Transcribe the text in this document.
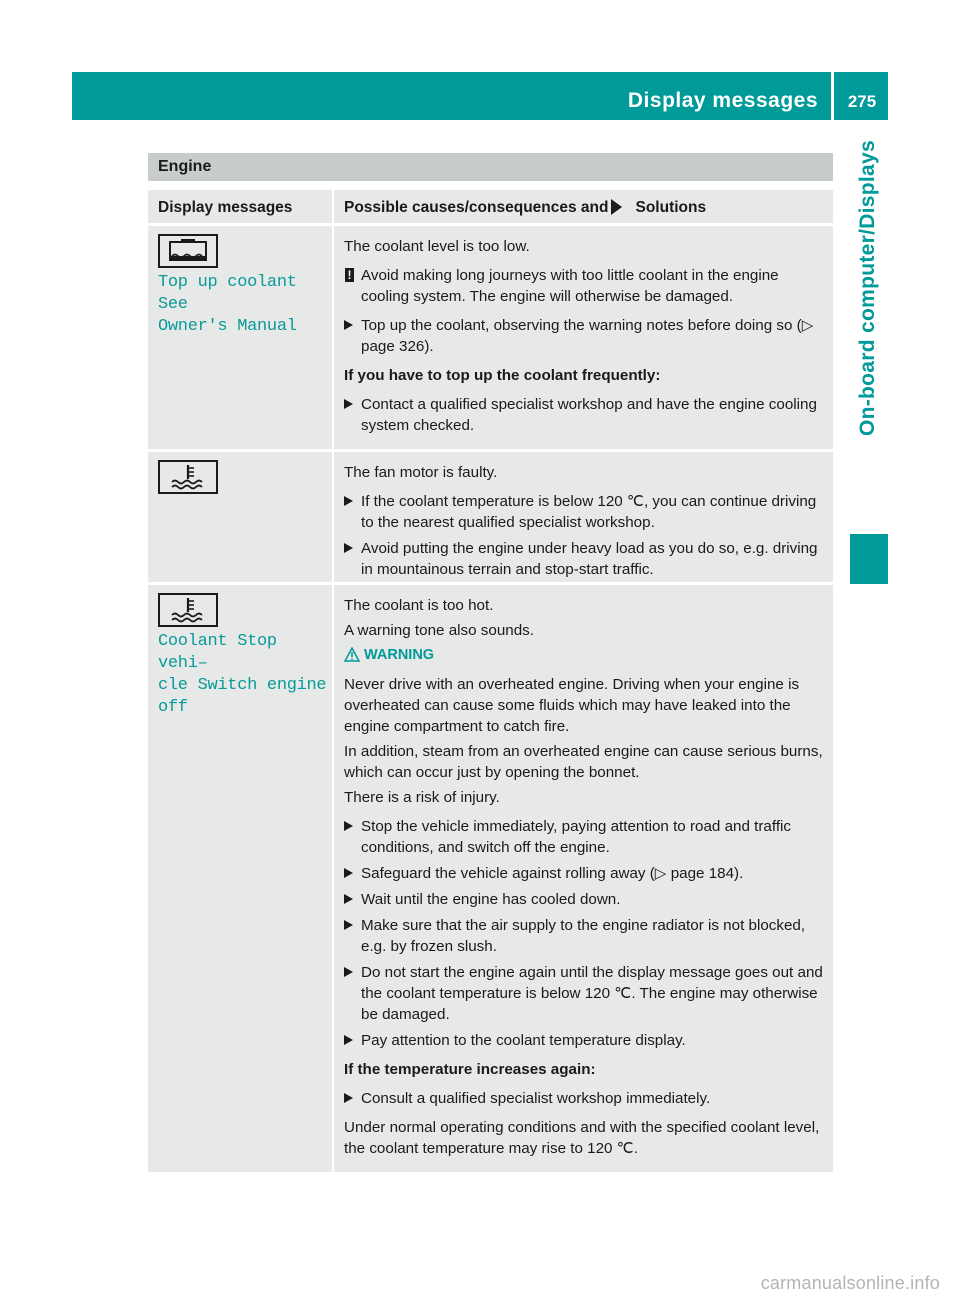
Display messages	275
On-board computer/Displays
Engine
Display messages	Possible causes/consequences and Solutions
Top up coolant See
Owner's Manual
The coolant level is too low.
! Avoid making long journeys with too little coolant in the engine cooling system. The engine will otherwise be damaged.
Top up the coolant, observing the warning notes before doing so (▷ page 326).
If you have to top up the coolant frequently:
Contact a qualified specialist workshop and have the engine cooling system checked.
The fan motor is faulty.
If the coolant temperature is below 120 ℃, you can continue driving to the nearest qualified specialist workshop.
Avoid putting the engine under heavy load as you do so, e.g. driving in mountainous terrain and stop-start traffic.
Coolant Stop vehi–
cle Switch engine
off
The coolant is too hot.
A warning tone also sounds.
WARNING
Never drive with an overheated engine. Driving when your engine is overheated can cause some fluids which may have leaked into the engine compartment to catch fire.
In addition, steam from an overheated engine can cause serious burns, which can occur just by opening the bonnet.
There is a risk of injury.
Stop the vehicle immediately, paying attention to road and traffic conditions, and switch off the engine.
Safeguard the vehicle against rolling away (▷ page 184).
Wait until the engine has cooled down.
Make sure that the air supply to the engine radiator is not blocked, e.g. by frozen slush.
Do not start the engine again until the display message goes out and the coolant temperature is below 120 ℃. The engine may otherwise be damaged.
Pay attention to the coolant temperature display.
If the temperature increases again:
Consult a qualified specialist workshop immediately.
Under normal operating conditions and with the specified coolant level, the coolant temperature may rise to 120 ℃.
carmanualsonline.info
